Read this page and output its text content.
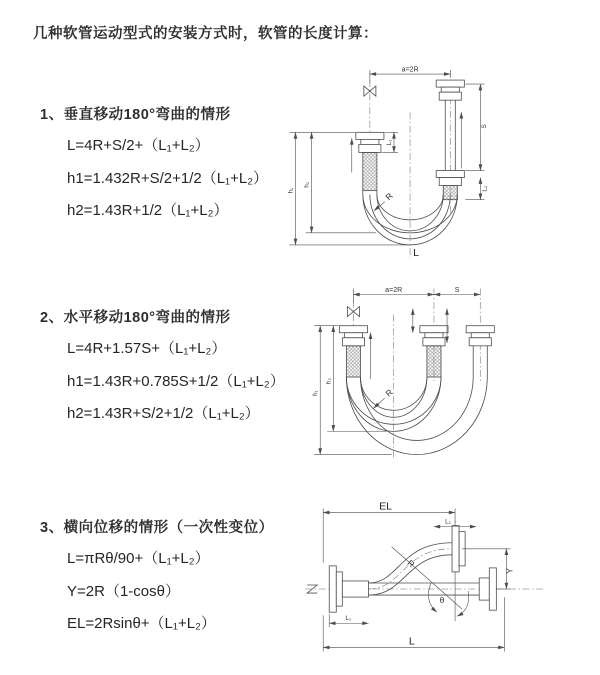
几种软管运动型式的安装方式时，软管的长度计算：
1、垂直移动180°弯曲的情形
L=4R+S/2+（L₁+L₂）
h1=1.432R+S/2+1/2（L₁+L₂）
h2=1.43R+1/2（L₁+L₂）
a=2R
L₁
h₁
h₂
S
L₂
R
L
2、水平移动180°弯曲的情形
L=4R+1.57S+（L₁+L₂）
h1=1.43R+0.785S+1/2（L₁+L₂）
h2=1.43R+S/2+1/2（L₁+L₂）
a=2R	S
h₁
h₂
R
3、横向位移的情形（一次性变位）
L=πRθ/90+（L₁+L₂）
Y=2R（1-cosθ）
EL=2Rsinθ+（L₁+L₂）
θ
EL
L₂
Y
R
L₁
L
